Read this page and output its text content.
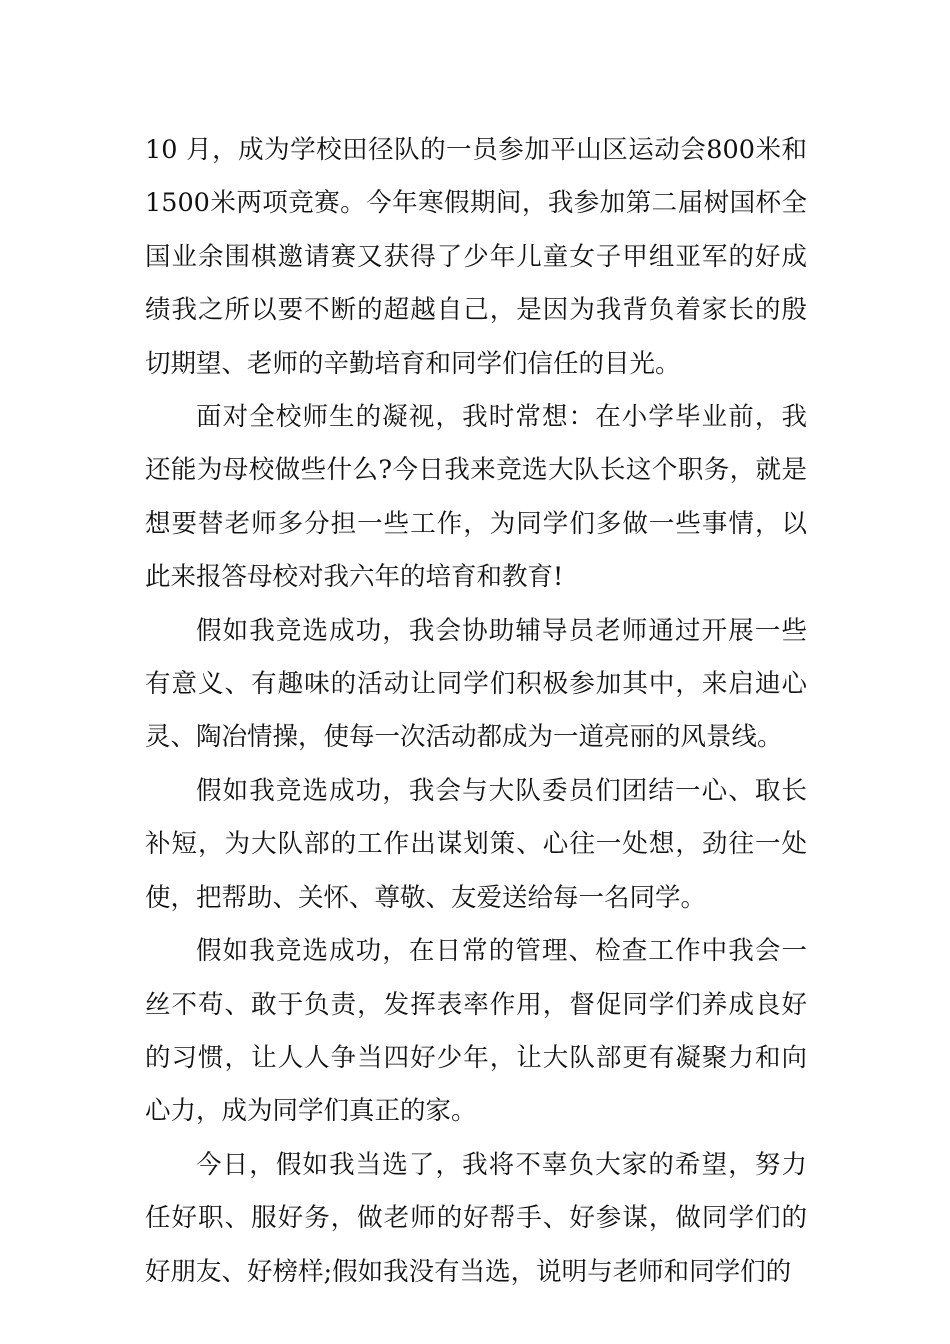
10 月，成为学校田径队的一员参加平山区运动会800米和1500米两项竞赛。今年寒假期间，我参加第二届树国杯全国业余围棋邀请赛又获得了少年儿童女子甲组亚军的好成绩我之所以要不断的超越自己，是因为我背负着家长的殷切期望、老师的辛勤培育和同学们信任的目光。

面对全校师生的凝视，我时常想：在小学毕业前，我还能为母校做些什么?今日我来竞选大队长这个职务，就是想要替老师多分担一些工作，为同学们多做一些事情，以此来报答母校对我六年的培育和教育!

假如我竞选成功，我会协助辅导员老师通过开展一些有意义、有趣味的活动让同学们积极参加其中，来启迪心灵、陶冶情操，使每一次活动都成为一道亮丽的风景线。

假如我竞选成功，我会与大队委员们团结一心、取长补短，为大队部的工作出谋划策、心往一处想，劲往一处使，把帮助、关怀、尊敬、友爱送给每一名同学。

假如我竞选成功，在日常的管理、检查工作中我会一丝不苟、敢于负责，发挥表率作用，督促同学们养成良好的习惯，让人人争当四好少年，让大队部更有凝聚力和向心力，成为同学们真正的家。

今日，假如我当选了，我将不辜负大家的希望，努力任好职、服好务，做老师的好帮手、好参谋，做同学们的好朋友、好榜样;假如我没有当选，说明与老师和同学们的
